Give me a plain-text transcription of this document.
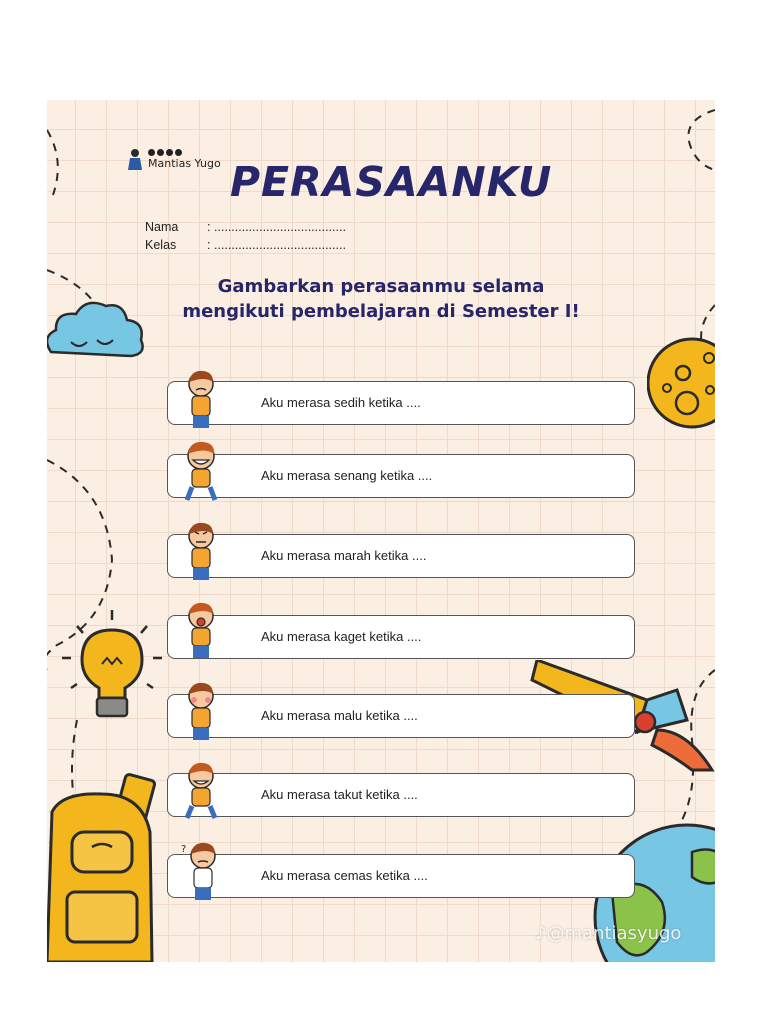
Mantias Yugo PERASAANKU
Nama : ......................................
Kelas : ......................................
Gambarkan perasaanmu selama
mengikuti pembelajaran di Semester I!
Aku merasa sedih ketika ....
Aku merasa senang ketika ....
Aku merasa marah ketika ....
Aku merasa kaget ketika ....
Aku merasa malu ketika ....
Aku merasa takut ketika ....
Aku merasa cemas ketika ....
?
♪@mantiasyugo
